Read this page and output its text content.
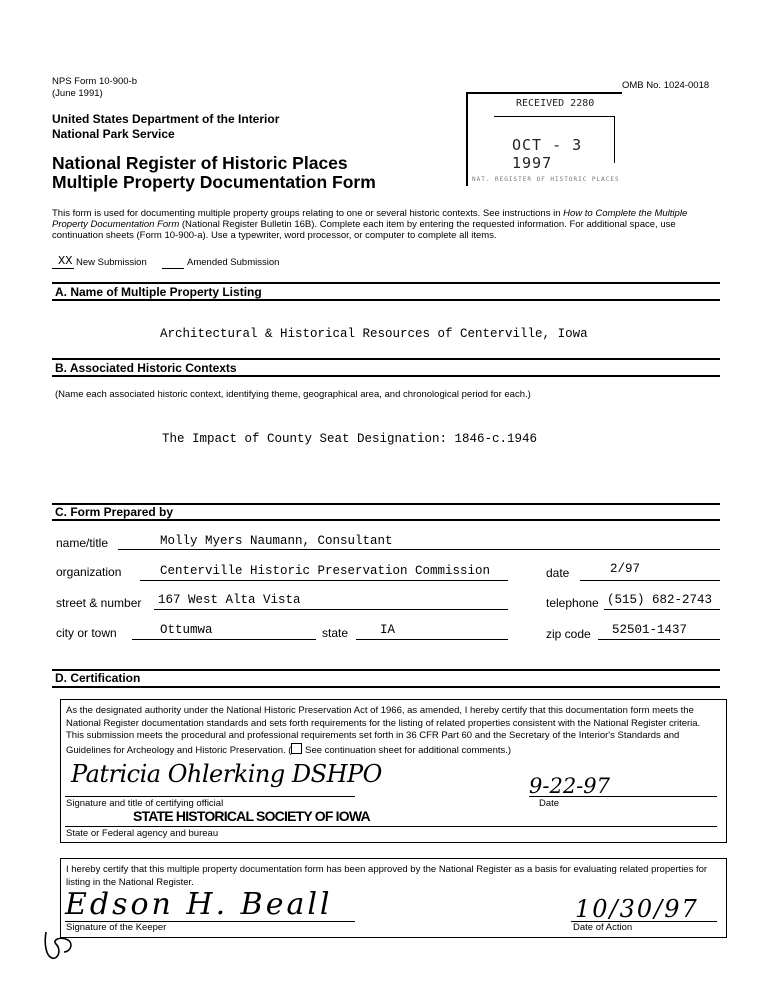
NPS Form 10-900-b
(June 1991)
OMB No. 1024-0018
United States Department of the Interior
National Park Service
National Register of Historic Places
Multiple Property Documentation Form
RECEIVED 2280
OCT - 3 1997
NAT. REGISTER OF HISTORIC PLACES
This form is used for documenting multiple property groups relating to one or several historic contexts. See instructions in How to Complete the Multiple Property Documentation Form (National Register Bulletin 16B). Complete each item by entering the requested information. For additional space, use continuation sheets (Form 10-900-a). Use a typewriter, word processor, or computer to complete all items.
XX New Submission	Amended Submission
A. Name of Multiple Property Listing
Architectural & Historical Resources of Centerville, Iowa
B. Associated Historic Contexts
(Name each associated historic context, identifying theme, geographical area, and chronological period for each.)
The Impact of County Seat Designation: 1846-c.1946
C. Form Prepared by
name/title	Molly Myers Naumann, Consultant
organization	Centerville Historic Preservation Commission	date	2/97
street & number 167 West Alta Vista	telephone (515) 682-2743
city or town	Ottumwa	state	IA	zip code 52501-1437
D. Certification
As the designated authority under the National Historic Preservation Act of 1966, as amended, I hereby certify that this documentation form meets the National Register documentation standards and sets forth requirements for the listing of related properties consistent with the National Register criteria. This submission meets the procedural and professional requirements set forth in 36 CFR Part 60 and the Secretary of the Interior's Standards and Guidelines for Archeology and Historic Preservation. ( See continuation sheet for additional comments.)
Patricia Ohlerking DSHPO	9-22-97
Signature and title of certifying official	Date
STATE HISTORICAL SOCIETY OF IOWA
State or Federal agency and bureau
I hereby certify that this multiple property documentation form has been approved by the National Register as a basis for evaluating related properties for listing in the National Register.
Edson H. Beall	10/30/97
Signature of the Keeper	Date of Action
